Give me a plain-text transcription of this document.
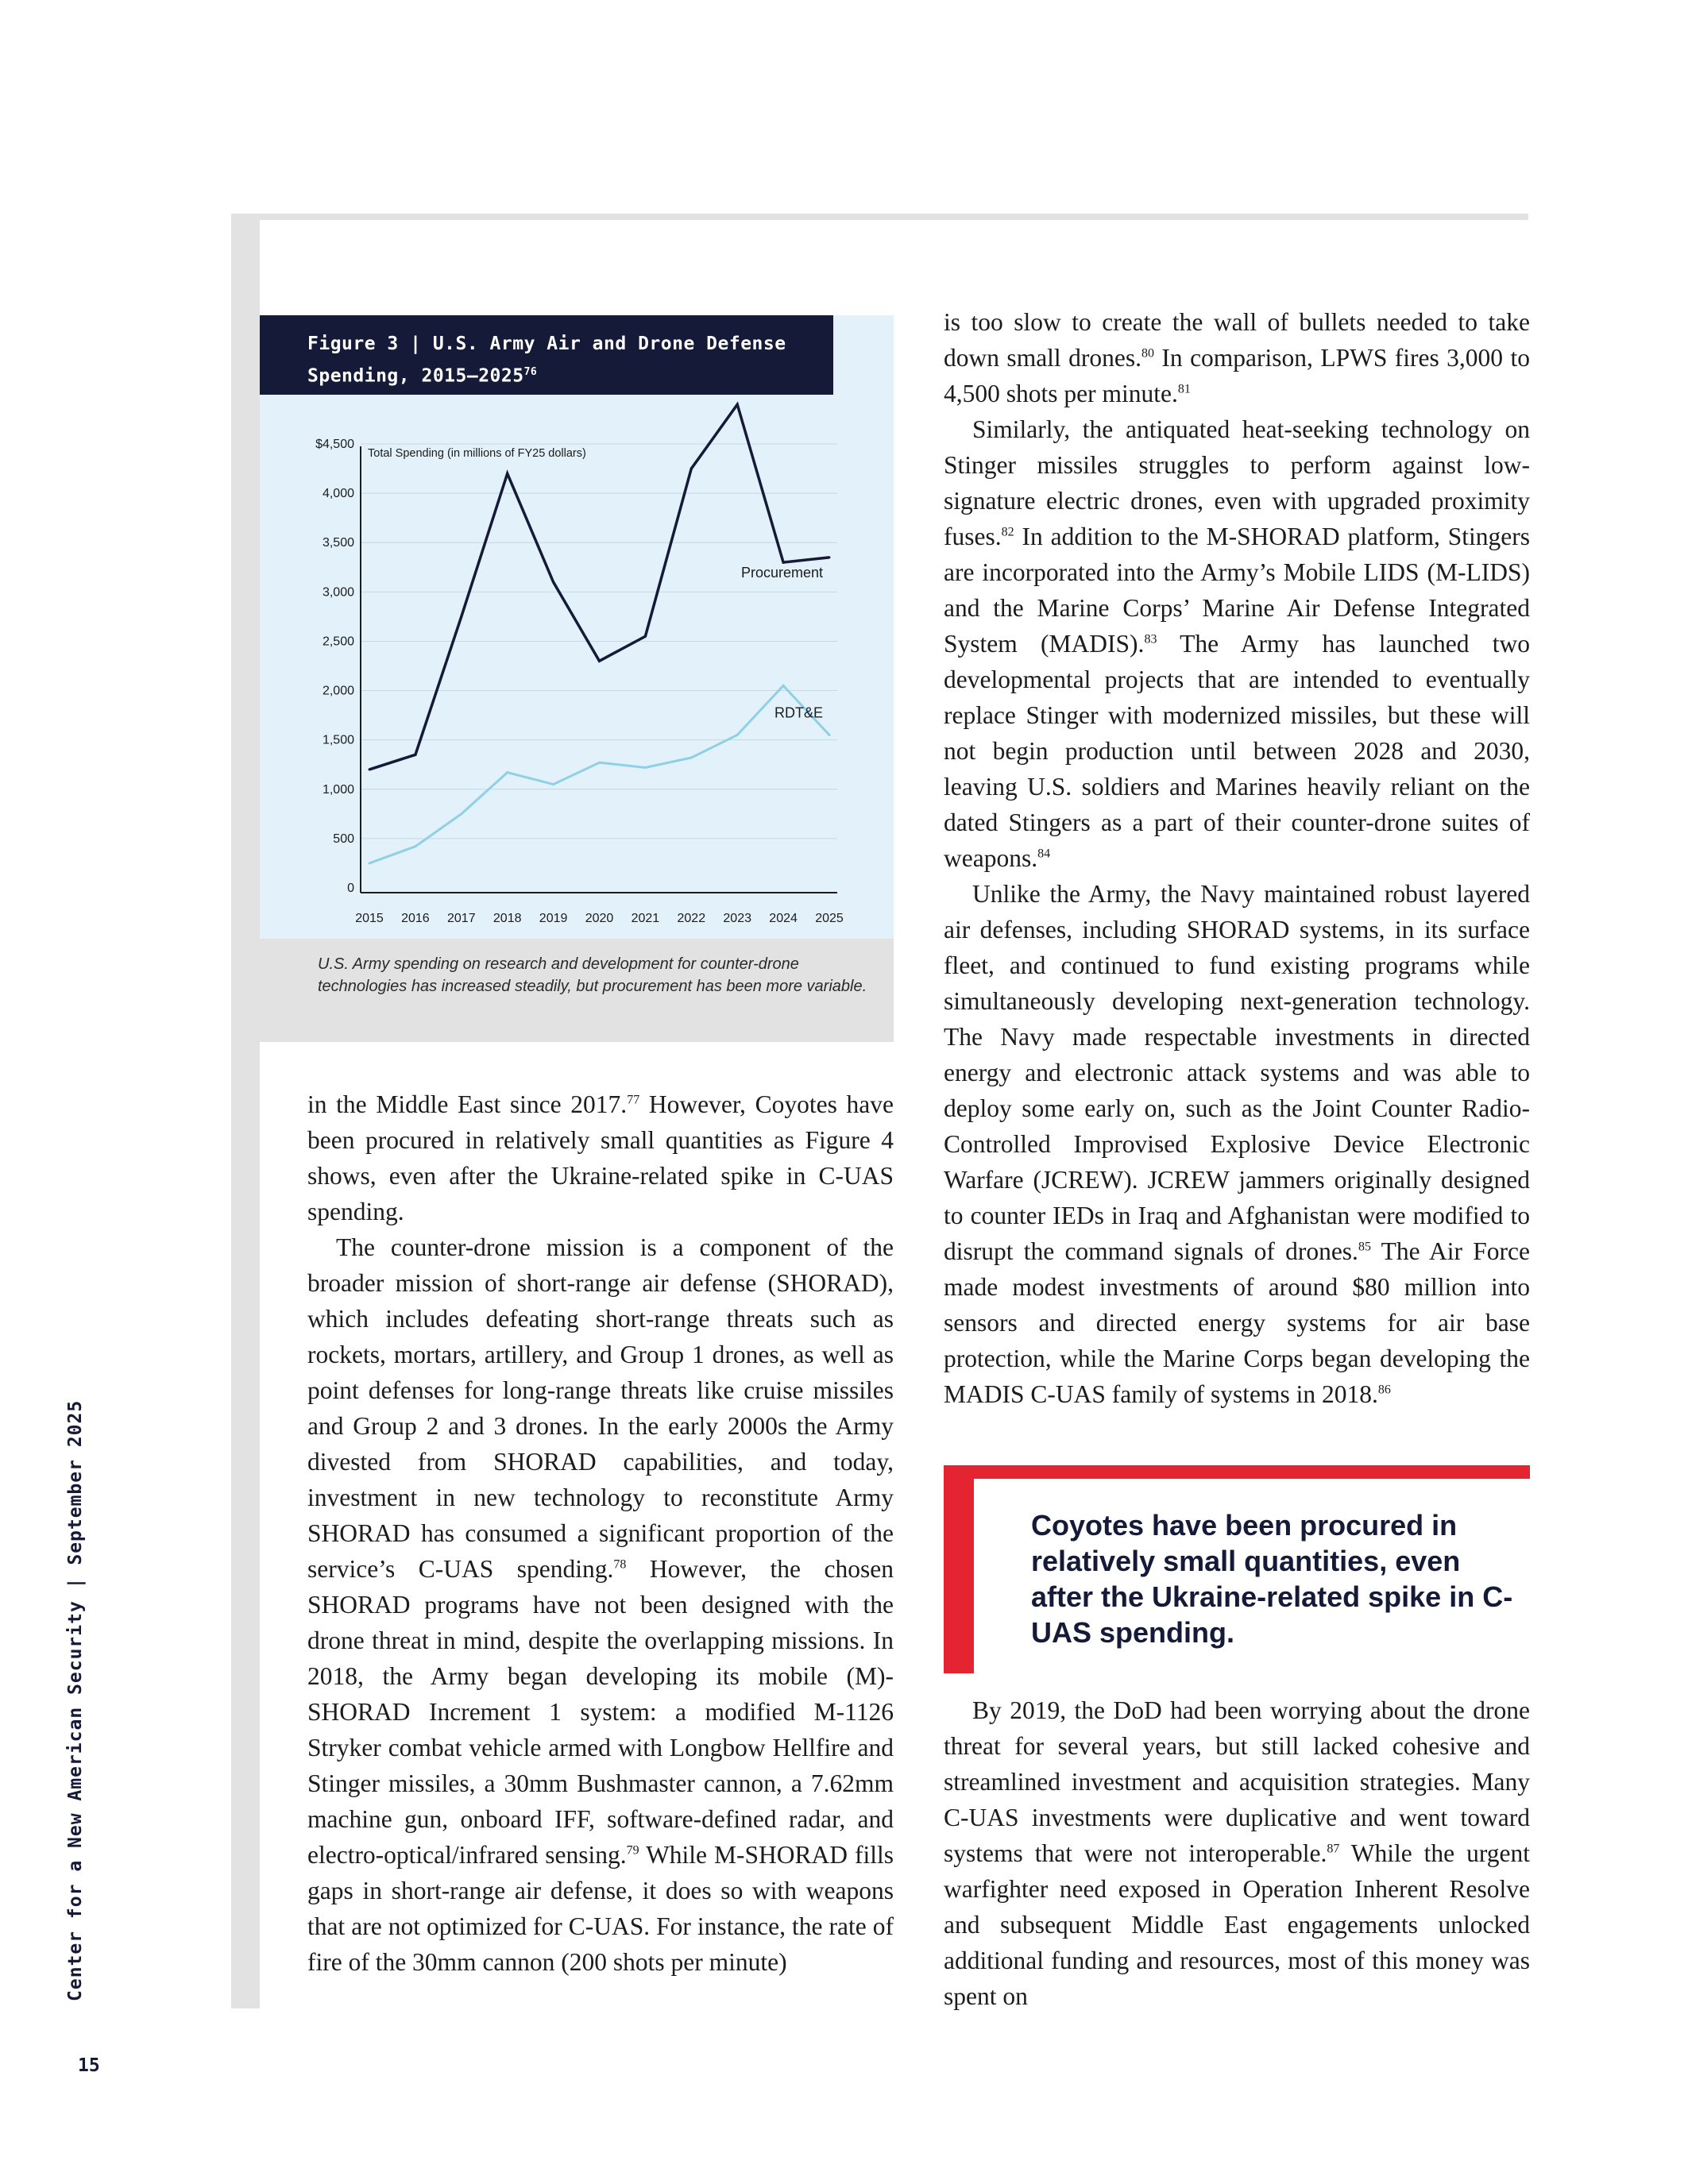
Figure 3 | U.S. Army Air and Drone Defense Spending, 2015–2025$^{76}$
0
500
1,000
1,500
2,000
2,500
3,000
3,500
4,000
$4,500
2015 2016 2017 2018 2019 2020 2021 2022 2023 2024 2025
Procurement
RDT&E
Total Spending (in millions of FY25 dollars)
U.S. Army spending on research and development for counter-drone technologies has increased steadily, but procurement has been more variable.

in the Middle East since 2017.77 However, Coyotes have been procured in relatively small quantities as Figure 4 shows, even after the Ukraine-related spike in C-UAS spending.

The counter-drone mission is a component of the broader mission of short-range air defense (SHORAD), which includes defeating short-range threats such as rockets, mortars, artillery, and Group 1 drones, as well as point defenses for long-range threats like cruise missiles and Group 2 and 3 drones. In the early 2000s the Army divested from SHORAD capabilities, and today, investment in new technology to reconstitute Army SHORAD has consumed a significant proportion of the service’s C-UAS spending.$^{78}$ However, the chosen SHORAD programs have not been designed with the drone threat in mind, despite the overlapping missions. In 2018, the Army began developing its mobile (M)-SHORAD Increment 1 system: a modified M-1126 Stryker combat vehicle armed with Longbow Hellfire and Stinger missiles, a 30mm Bushmaster cannon, a 7.62mm machine gun, onboard IFF, software-defined radar, and electro-optical/infrared sensing.$^{79}$ While M-SHORAD fills gaps in short-range air defense, it does so with weapons that are not optimized for C-UAS. For instance, the rate of fire of the 30mm cannon (200 shots per minute)

is too slow to create the wall of bullets needed to take down small drones.$^{80}$ In comparison, LPWS fires 3,000 to 4,500 shots per minute.$^{81}$

Similarly, the antiquated heat-seeking technology on Stinger missiles struggles to perform against low-signature electric drones, even with upgraded proximity fuses.$^{82}$ In addition to the M-SHORAD platform, Stingers are incorporated into the Army’s Mobile LIDS (M-LIDS) and the Marine Corps’ Marine Air Defense Integrated System (MADIS).$^{83}$ The Army has launched two developmental projects that are intended to eventually replace Stinger with modernized missiles, but these will not begin production until between 2028 and 2030, leaving U.S. soldiers and Marines heavily reliant on the dated Stingers as a part of their counter-drone suites of weapons.$^{84}$

Unlike the Army, the Navy maintained robust layered air defenses, including SHORAD systems, in its surface fleet, and continued to fund existing programs while simultaneously developing next-generation technology. The Navy made respectable investments in directed energy and electronic attack systems and was able to deploy some early on, such as the Joint Counter Radio-Controlled Improvised Explosive Device Electronic Warfare (JCREW). JCREW jammers originally designed to counter IEDs in Iraq and Afghanistan were modified to disrupt the command signals of drones.$^{85}$ The Air Force made modest investments of around $80 million into sensors and directed energy systems for air base protection, while the Marine Corps began developing the MADIS C-UAS family of systems in 2018.86

Coyotes have been procured in relatively small quantities, even after the Ukraine-related spike in C-UAS spending.

By 2019, the DoD had been worrying about the drone threat for several years, but still lacked cohesive and streamlined investment and acquisition strategies. Many C-UAS investments were duplicative and went toward systems that were not interoperable.$^{87}$ While the urgent warfighter need exposed in Operation Inherent Resolve and subsequent Middle East engagements unlocked additional funding and resources, most of this money was spent on

Center for a New American Security | September 2025
15
